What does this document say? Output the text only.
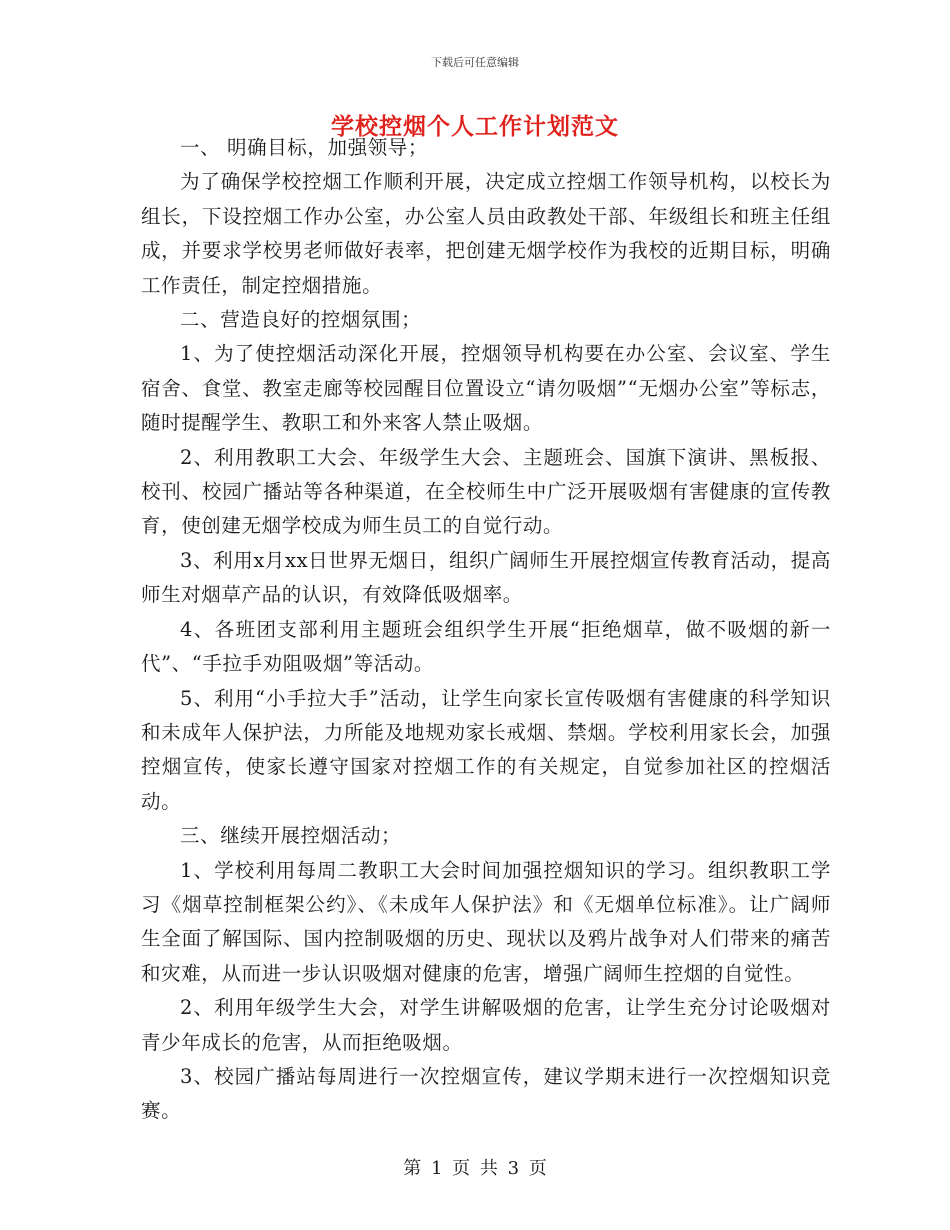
下载后可任意编辑
学校控烟个人工作计划范文

一、 明确目标，加强领导；

为了确保学校控烟工作顺利开展，决定成立控烟工作领导机构，以校长为组长，下设控烟工作办公室，办公室人员由政教处干部、年级组长和班主任组成，并要求学校男老师做好表率，把创建无烟学校作为我校的近期目标，明确工作责任，制定控烟措施。

二、营造良好的控烟氛围；

1、为了使控烟活动深化开展，控烟领导机构要在办公室、会议室、学生宿舍、食堂、教室走廊等校园醒目位置设立“请勿吸烟”“无烟办公室”等标志，随时提醒学生、教职工和外来客人禁止吸烟。

2、利用教职工大会、年级学生大会、主题班会、国旗下演讲、黑板报、校刊、校园广播站等各种渠道，在全校师生中广泛开展吸烟有害健康的宣传教育，使创建无烟学校成为师生员工的自觉行动。

3、利用x月xx日世界无烟日，组织广阔师生开展控烟宣传教育活动，提高师生对烟草产品的认识，有效降低吸烟率。

4、各班团支部利用主题班会组织学生开展“拒绝烟草，做不吸烟的新一代”、“手拉手劝阻吸烟”等活动。

5、利用“小手拉大手”活动，让学生向家长宣传吸烟有害健康的科学知识和未成年人保护法，力所能及地规劝家长戒烟、禁烟。学校利用家长会，加强控烟宣传，使家长遵守国家对控烟工作的有关规定，自觉参加社区的控烟活动。

三、继续开展控烟活动；

1、学校利用每周二教职工大会时间加强控烟知识的学习。组织教职工学习《烟草控制框架公约》、《未成年人保护法》和《无烟单位标准》。让广阔师生全面了解国际、国内控制吸烟的历史、现状以及鸦片战争对人们带来的痛苦和灾难，从而进一步认识吸烟对健康的危害，增强广阔师生控烟的自觉性。

2、利用年级学生大会，对学生讲解吸烟的危害，让学生充分讨论吸烟对青少年成长的危害，从而拒绝吸烟。

3、校园广播站每周进行一次控烟宣传，建议学期末进行一次控烟知识竞赛。

第 1 页 共 3 页
